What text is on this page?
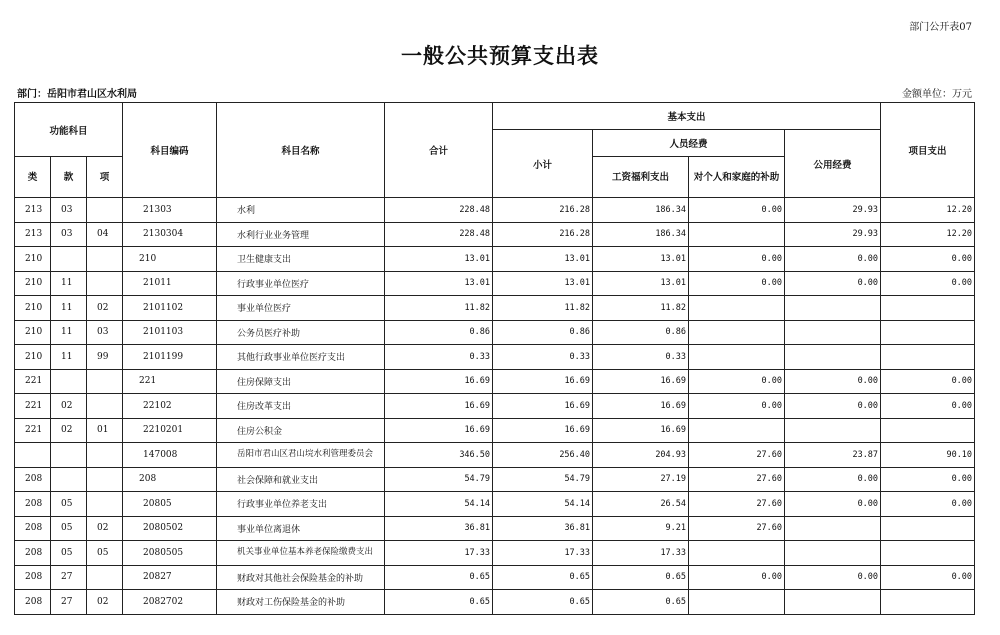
部门公开表07
一般公共预算支出表
部门：岳阳市君山区水利局	金额单位：万元
功能科目			科目编码	科目名称	合计	基本支出				项目支出
						小计	人员经费		公用经费	
类	款	项					工资福利支出	对个人和家庭的补助		
213	03		21303	水利	228.48	216.28	186.34	0.00	29.93	12.20
213	03	04	2130304	水利行业业务管理	228.48	216.28	186.34		29.93	12.20
210			210	卫生健康支出	13.01	13.01	13.01	0.00	0.00	0.00
210	11		21011	行政事业单位医疗	13.01	13.01	13.01	0.00	0.00	0.00
210	11	02	2101102	事业单位医疗	11.82	11.82	11.82			
210	11	03	2101103	公务员医疗补助	0.86	0.86	0.86			
210	11	99	2101199	其他行政事业单位医疗支出	0.33	0.33	0.33			
221			221	住房保障支出	16.69	16.69	16.69	0.00	0.00	0.00
221	02		22102	住房改革支出	16.69	16.69	16.69	0.00	0.00	0.00
221	02	01	2210201	住房公积金	16.69	16.69	16.69			
			147008	岳阳市君山区君山垸水利管理委员会	346.50	256.40	204.93	27.60	23.87	90.10
208			208	社会保障和就业支出	54.79	54.79	27.19	27.60	0.00	0.00
208	05		20805	行政事业单位养老支出	54.14	54.14	26.54	27.60	0.00	0.00
208	05	02	2080502	事业单位离退休	36.81	36.81	9.21	27.60		
208	05	05	2080505	机关事业单位基本养老保险缴费支出	17.33	17.33	17.33			
208	27		20827	财政对其他社会保险基金的补助	0.65	0.65	0.65	0.00	0.00	0.00
208	27	02	2082702	财政对工伤保险基金的补助	0.65	0.65	0.65			
